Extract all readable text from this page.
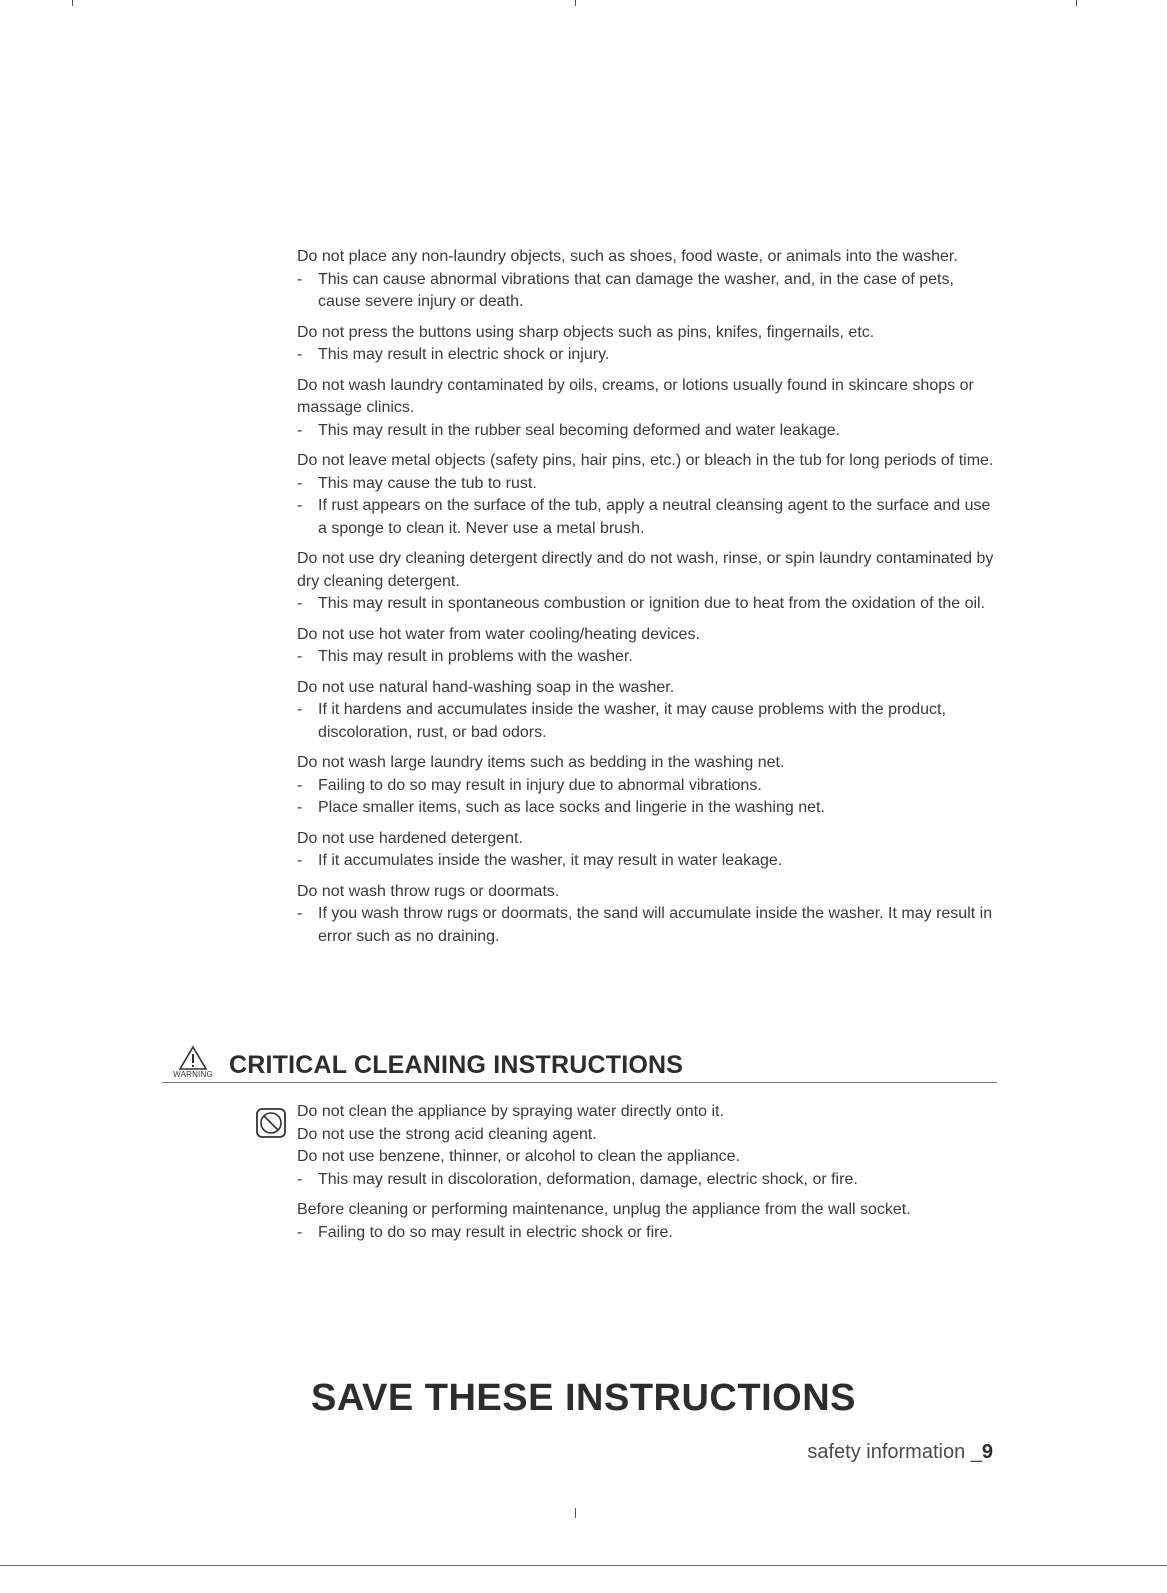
Do not place any non-laundry objects, such as shoes, food waste, or animals into the washer.

- This can cause abnormal vibrations that can damage the washer, and, in the case of pets, cause severe injury or death.

Do not press the buttons using sharp objects such as pins, knifes, fingernails, etc.

- This may result in electric shock or injury.

Do not wash laundry contaminated by oils, creams, or lotions usually found in skincare shops or massage clinics.

- This may result in the rubber seal becoming deformed and water leakage.

Do not leave metal objects (safety pins, hair pins, etc.) or bleach in the tub for long periods of time.

- This may cause the tub to rust.
- If rust appears on the surface of the tub, apply a neutral cleansing agent to the surface and use a sponge to clean it. Never use a metal brush.

Do not use dry cleaning detergent directly and do not wash, rinse, or spin laundry contaminated by dry cleaning detergent.

- This may result in spontaneous combustion or ignition due to heat from the oxidation of the oil.

Do not use hot water from water cooling/heating devices.

- This may result in problems with the washer.

Do not use natural hand-washing soap in the washer.

- If it hardens and accumulates inside the washer, it may cause problems with the product, discoloration, rust, or bad odors.

Do not wash large laundry items such as bedding in the washing net.

- Failing to do so may result in injury due to abnormal vibrations.
- Place smaller items, such as lace socks and lingerie in the washing net.

Do not use hardened detergent.

- If it accumulates inside the washer, it may result in water leakage.

Do not wash throw rugs or doormats.

- If you wash throw rugs or doormats, the sand will accumulate inside the washer. It may result in error such as no draining.
WARNING CRITICAL CLEANING INSTRUCTIONS

Do not clean the appliance by spraying water directly onto it.

Do not use the strong acid cleaning agent.

Do not use benzene, thinner, or alcohol to clean the appliance.

- This may result in discoloration, deformation, damage, electric shock, or fire.

Before cleaning or performing maintenance, unplug the appliance from the wall socket.

- Failing to do so may result in electric shock or fire.
SAVE THESE INSTRUCTIONS
safety information _9
